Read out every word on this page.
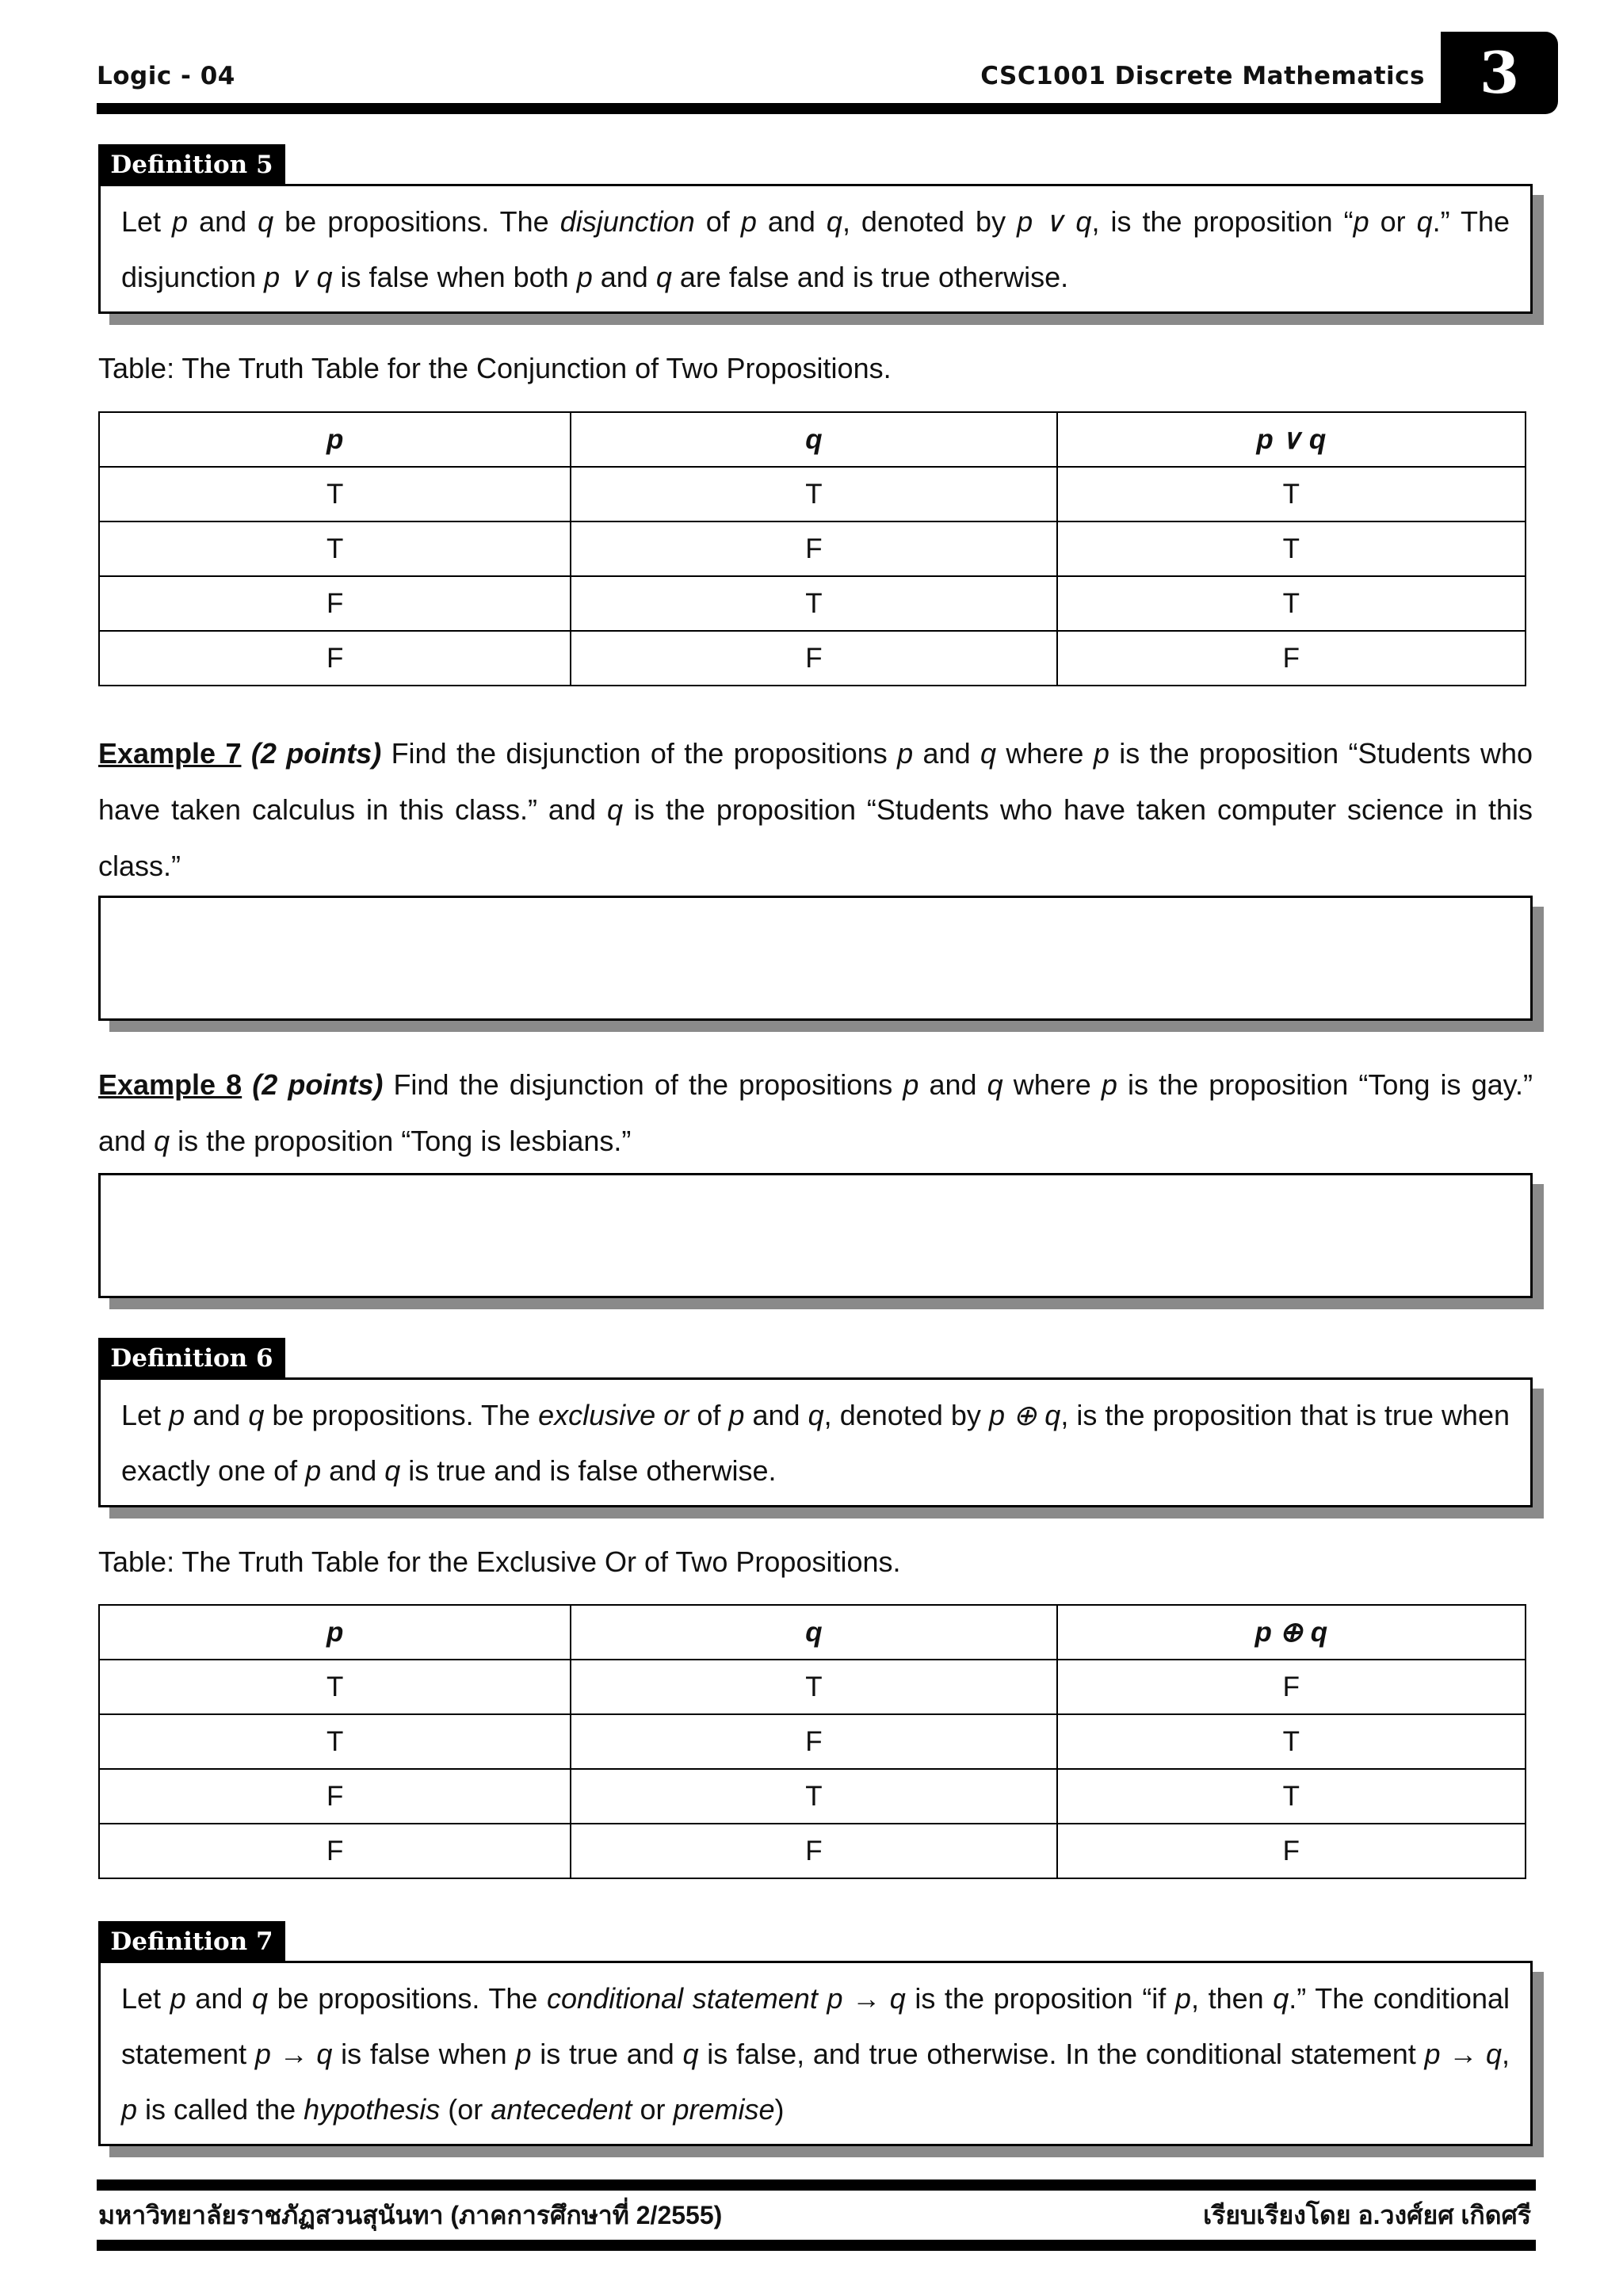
Logic - 04	CSC1001 Discrete Mathematics 3
Definition 5
Let p and q be propositions. The disjunction of p and q, denoted by p ∨ q, is the proposition “p or q.” The disjunction p ∨ q is false when both p and q are false and is true otherwise.
Table: The Truth Table for the Conjunction of Two Propositions.
p	q	p ∨ q
T	T	T
T	F	T
F	T	T
F	F	F
Example 7 (2 points) Find the disjunction of the propositions p and q where p is the proposition “Students who have taken calculus in this class.” and q is the proposition “Students who have taken computer science in this class.”
Example 8 (2 points) Find the disjunction of the propositions p and q where p is the proposition “Tong is gay.” and q is the proposition “Tong is lesbians.”
Definition 6
Let p and q be propositions. The exclusive or of p and q, denoted by p ⊕ q, is the proposition that is true when exactly one of p and q is true and is false otherwise.
Table: The Truth Table for the Exclusive Or of Two Propositions.
p	q	p ⊕ q
T	T	F
T	F	T
F	T	T
F	F	F
Definition 7
Let p and q be propositions. The conditional statement p → q is the proposition “if p, then q.” The conditional statement p → q is false when p is true and q is false, and true otherwise. In the conditional statement p → q, p is called the hypothesis (or antecedent or premise)
มหาวิทยาลัยราชภัฏสวนสุนันทา (ภาคการศึกษาที่ 2/2555)	เรียบเรียงโดย อ.วงศ์ยศ เกิดศรี
